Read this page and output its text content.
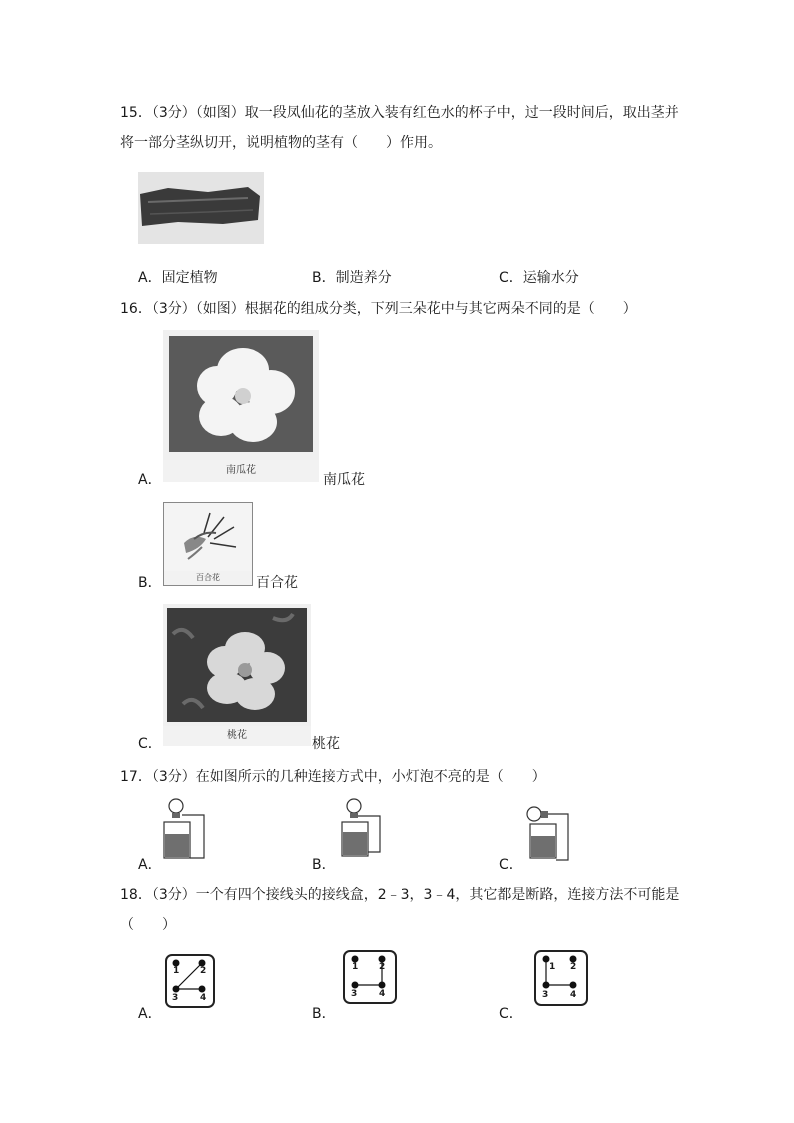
15．（3分）（如图）取一段凤仙花的茎放入装有红色水的杯子中，过一段时间后，取出茎并将一部分茎纵切开，说明植物的茎有（　　）作用。
A．固定植物	B．制造养分	C．运输水分
16．（3分）（如图）根据花的组成分类，下列三朵花中与其它两朵不同的是（　　）
A．
南瓜花
南瓜花
B．	百合花	百合花
C．
桃花
桃花
17．（3分）在如图所示的几种连接方式中，小灯泡不亮的是（　　）
A．	B．	C．
18．（3分）一个有四个接线头的接线盒，2﹣3，3﹣4，其它都是断路，连接方法不可能是（　　）
A．
1 2
3 4
B．
1 2
3 4
C．
1 2
3 4
